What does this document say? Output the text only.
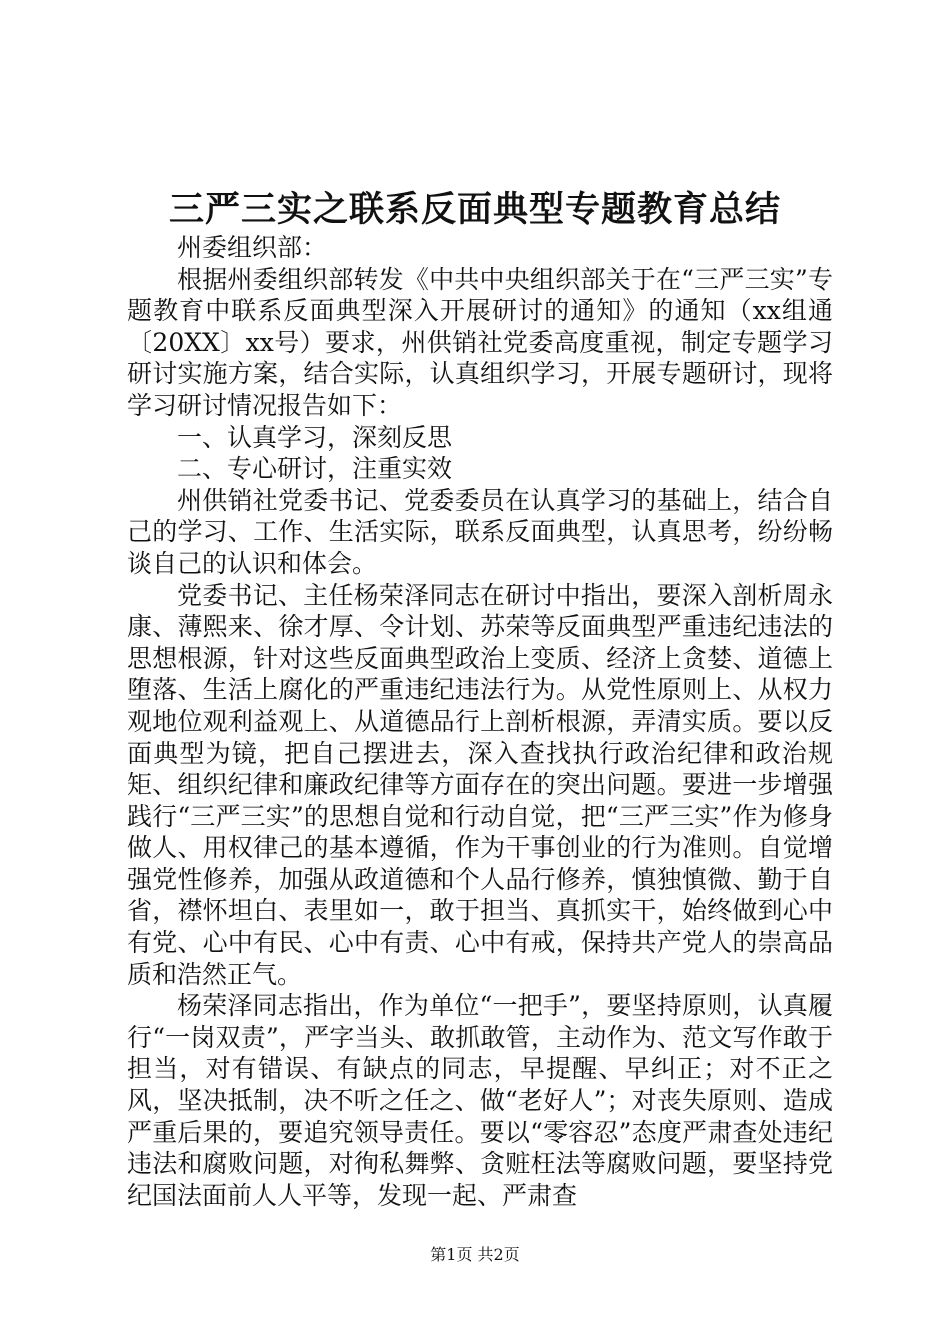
三严三实之联系反面典型专题教育总结

州委组织部：

根据州委组织部转发《中共中央组织部关于在“三严三实”专题教育中联系反面典型深入开展研讨的通知》的通知（xx组通〔20XX〕xx号）要求，州供销社党委高度重视，制定专题学习研讨实施方案，结合实际，认真组织学习，开展专题研讨，现将学习研讨情况报告如下：

一、认真学习，深刻反思

二、专心研讨，注重实效

州供销社党委书记、党委委员在认真学习的基础上，结合自己的学习、工作、生活实际，联系反面典型，认真思考，纷纷畅谈自己的认识和体会。

党委书记、主任杨荣泽同志在研讨中指出，要深入剖析周永康、薄熙来、徐才厚、令计划、苏荣等反面典型严重违纪违法的思想根源，针对这些反面典型政治上变质、经济上贪婪、道德上堕落、生活上腐化的严重违纪违法行为。从党性原则上、从权力观地位观利益观上、从道德品行上剖析根源，弄清实质。要以反面典型为镜，把自己摆进去，深入查找执行政治纪律和政治规矩、组织纪律和廉政纪律等方面存在的突出问题。要进一步增强践行“三严三实”的思想自觉和行动自觉，把“三严三实”作为修身做人、用权律己的基本遵循，作为干事创业的行为准则。自觉增强党性修养，加强从政道德和个人品行修养，慎独慎微、勤于自省，襟怀坦白、表里如一，敢于担当、真抓实干，始终做到心中有党、心中有民、心中有责、心中有戒，保持共产党人的崇高品质和浩然正气。

杨荣泽同志指出，作为单位“一把手”，要坚持原则，认真履行“一岗双责”，严字当头、敢抓敢管，主动作为、范文写作敢于担当，对有错误、有缺点的同志，早提醒、早纠正；对不正之风，坚决抵制，决不听之任之、做“老好人”；对丧失原则、造成严重后果的，要追究领导责任。要以“零容忍”态度严肃查处违纪违法和腐败问题，对徇私舞弊、贪赃枉法等腐败问题，要坚持党纪国法面前人人平等，发现一起、严肃查

第1页 共2页
